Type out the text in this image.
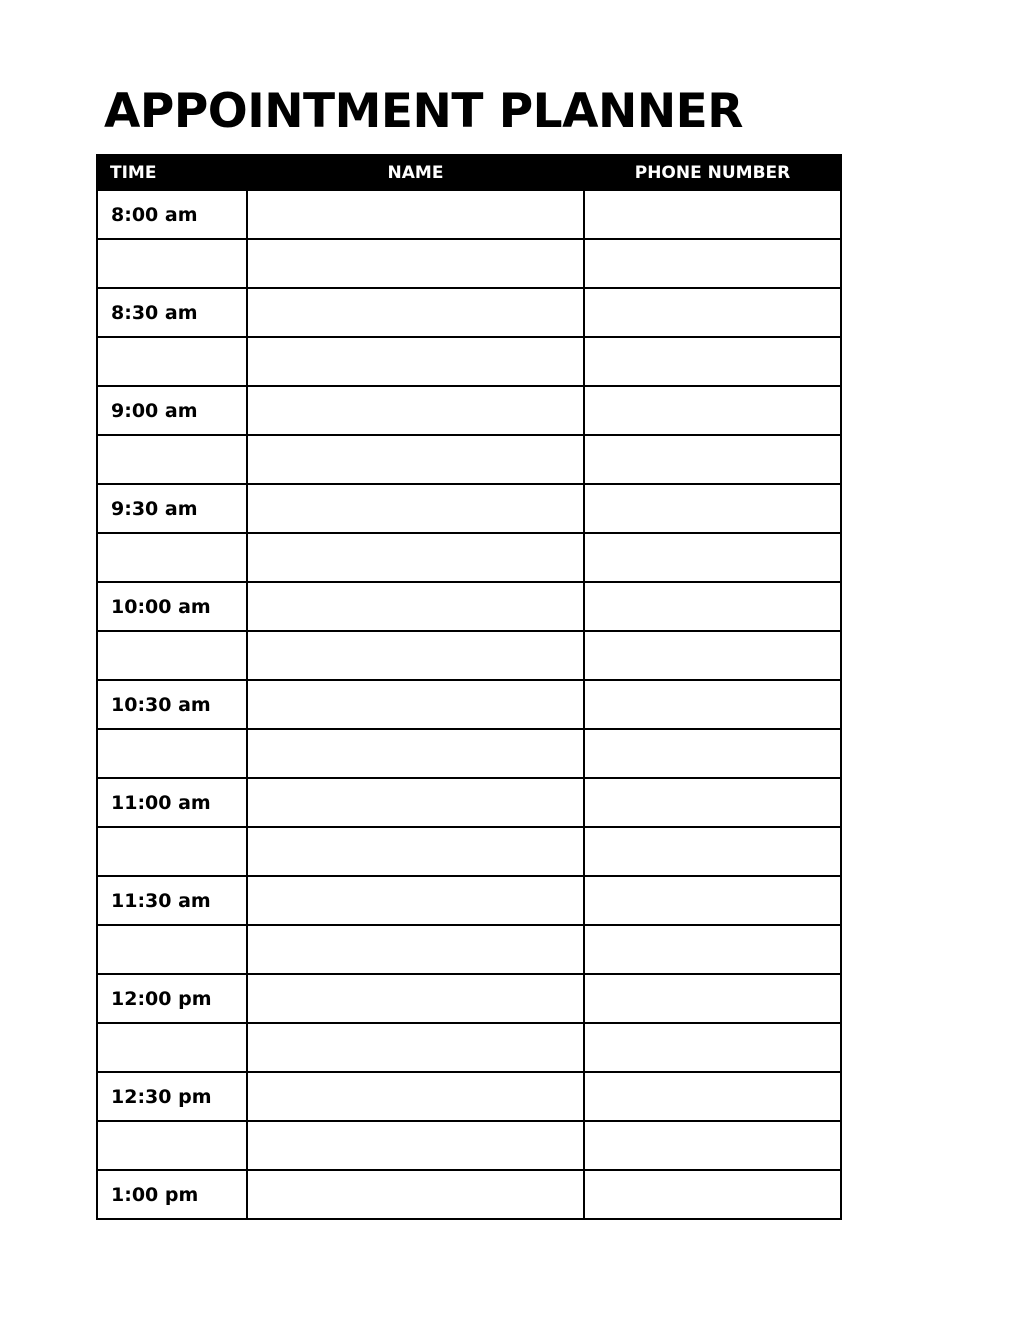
APPOINTMENT PLANNER
TIME	NAME	PHONE NUMBER
8:00 am		

8:30 am		

9:00 am		

9:30 am		

10:00 am		

10:30 am		

11:00 am		

11:30 am		

12:00 pm		

12:30 pm		

1:00 pm		
